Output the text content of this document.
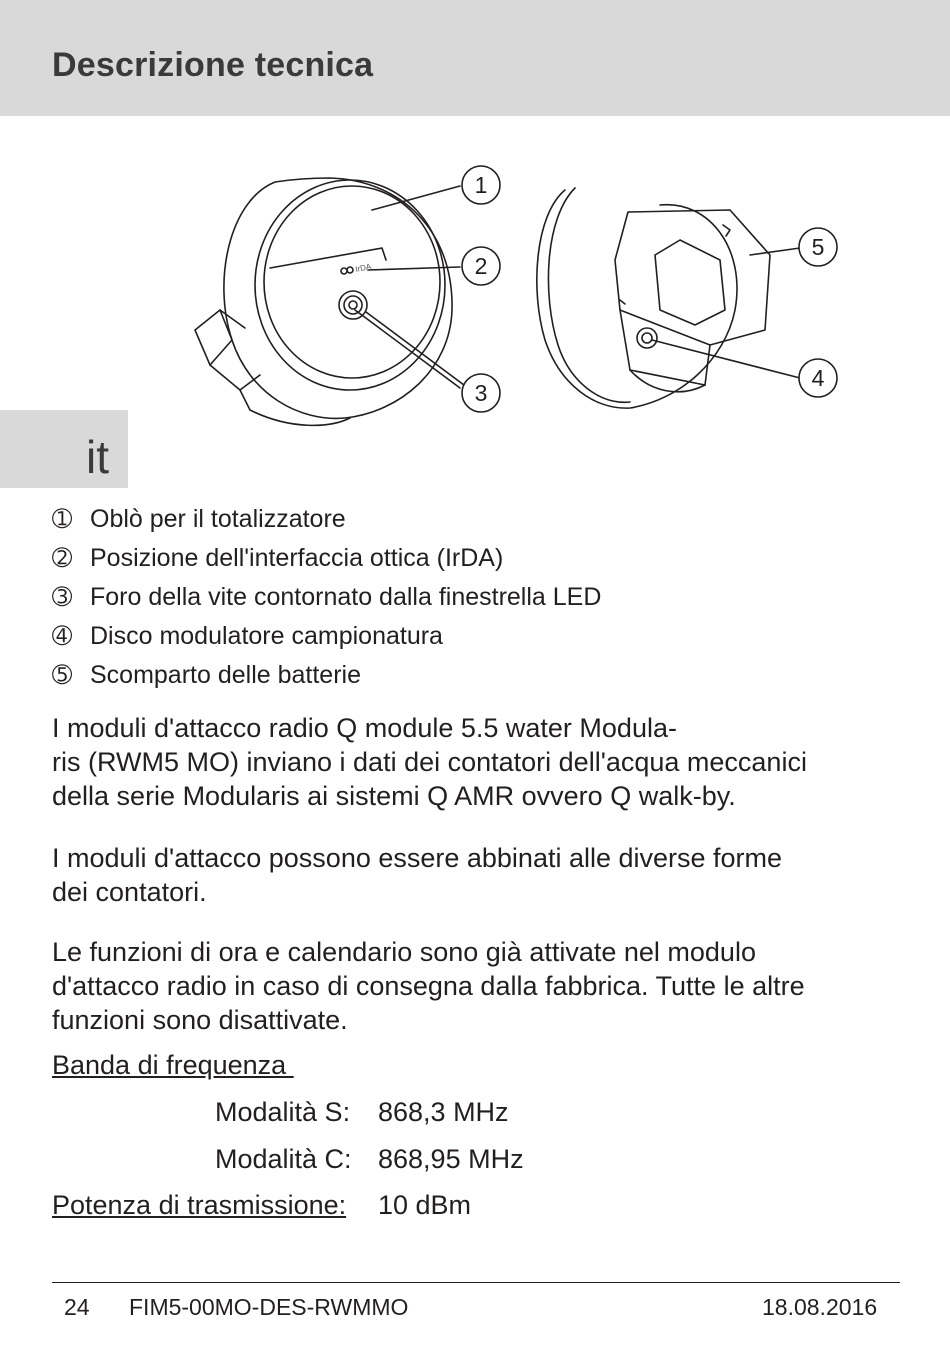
Descrizione tecnica
it
IrDA
1
2
3
4
5
➀ Oblò per il totalizzatore
➁ Posizione dell'interfaccia ottica (IrDA)
➂ Foro della vite contornato dalla finestrella LED
➃ Disco modulatore campionatura
➄ Scomparto delle batterie
I moduli d'attacco radio Q module 5.5 water Modula-
ris (RWM5 MO) inviano i dati dei contatori dell'acqua meccanici
della serie Modularis ai sistemi Q AMR ovvero Q walk-by.
I moduli d'attacco possono essere abbinati alle diverse forme
dei contatori.
Le funzioni di ora e calendario sono già attivate nel modulo
d'attacco radio in caso di consegna dalla fabbrica. Tutte le altre
funzioni sono disattivate.
Banda di frequenza
Modalità S: 868,3 MHz
Modalità C: 868,95 MHz
Potenza di trasmissione: 10 dBm
24 FIM5-00MO-DES-RWMMO	18.08.2016
